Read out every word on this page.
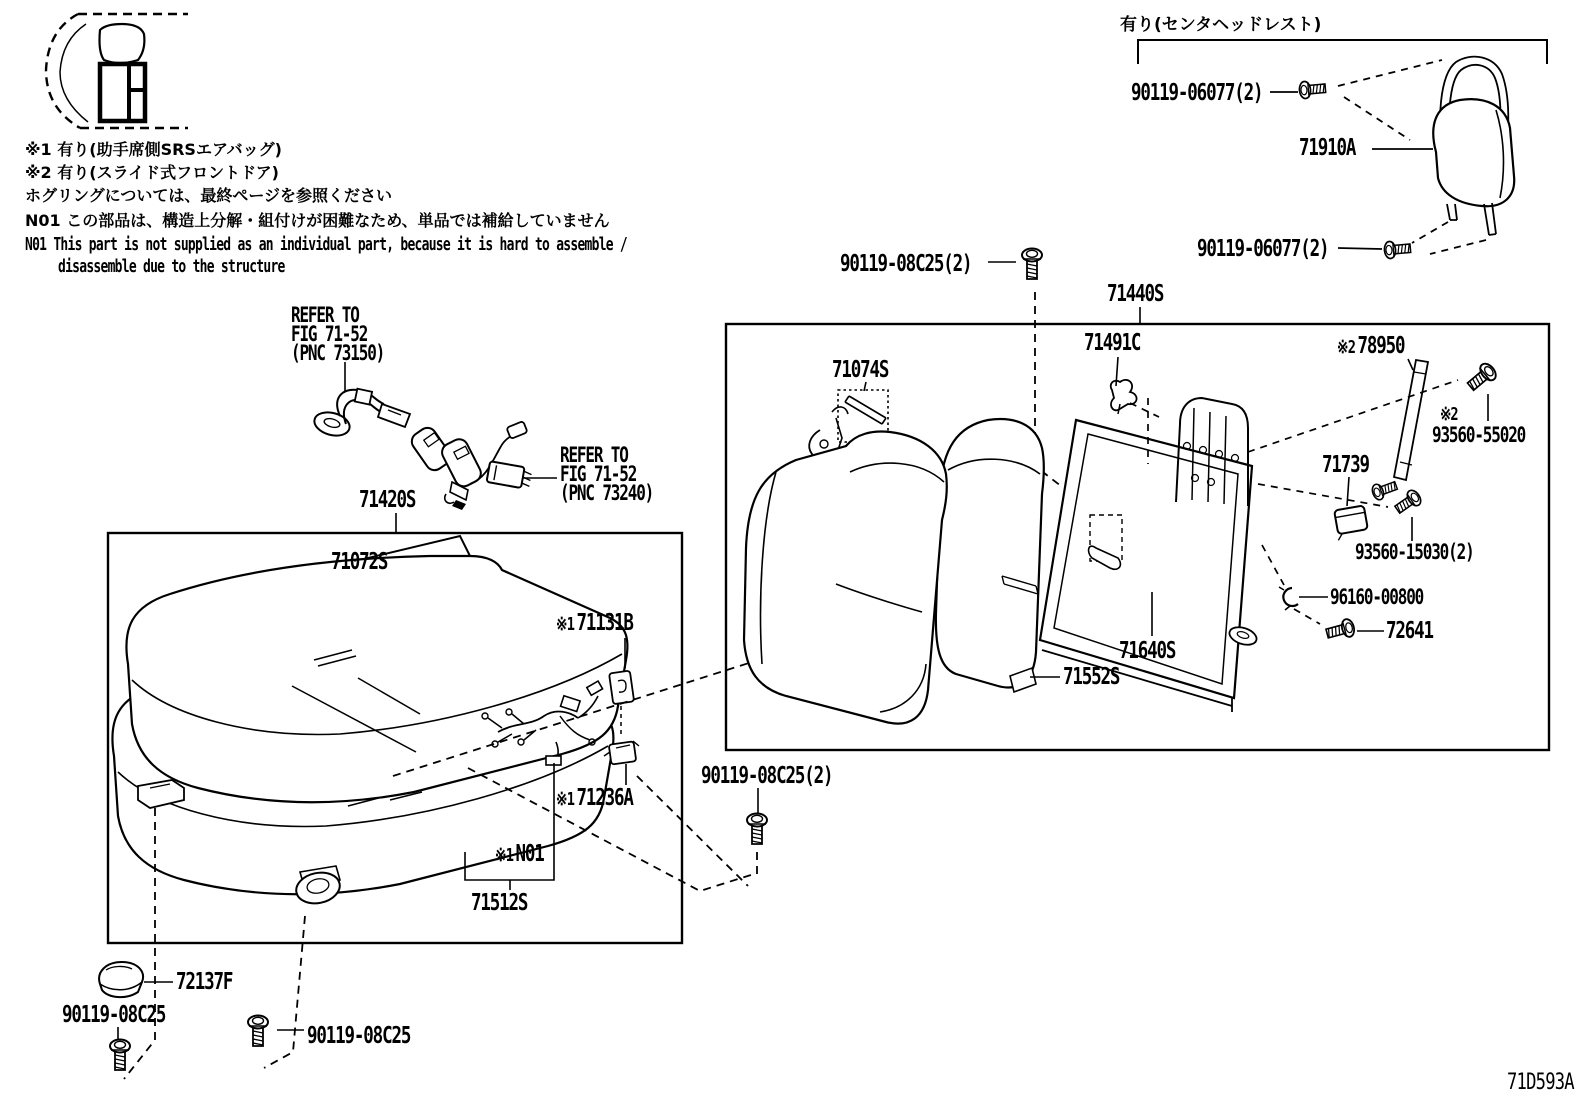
※1 有り(助手席側SRSエアバッグ)
※2 有り(スライド式フロントドア)
ホグリングについては、最終ページを参照ください
N01 この部品は、構造上分解・組付けが困難なため、単品では補給していません
N01 This part is not supplied as an individual part, because it is hard to assemble /
disassemble due to the structure
有り(センタヘッドレスト)
90119-06077(2)
71910A
90119-06077(2)
REFER TO
FIG 71-52
(PNC 73150)
REFER TO
FIG 71-52
(PNC 73240)
71420S
71072S
※171131B
※171236A
※1N01
71512S
90119-08C25(2)
71440S
71491C
71074S
※278950
※2
93560-55020
71739
93560-15030(2)
96160-00800
72641
71640S
71552S
90119-08C25(2)
72137F
90119-08C25
90119-08C25
71D593A
